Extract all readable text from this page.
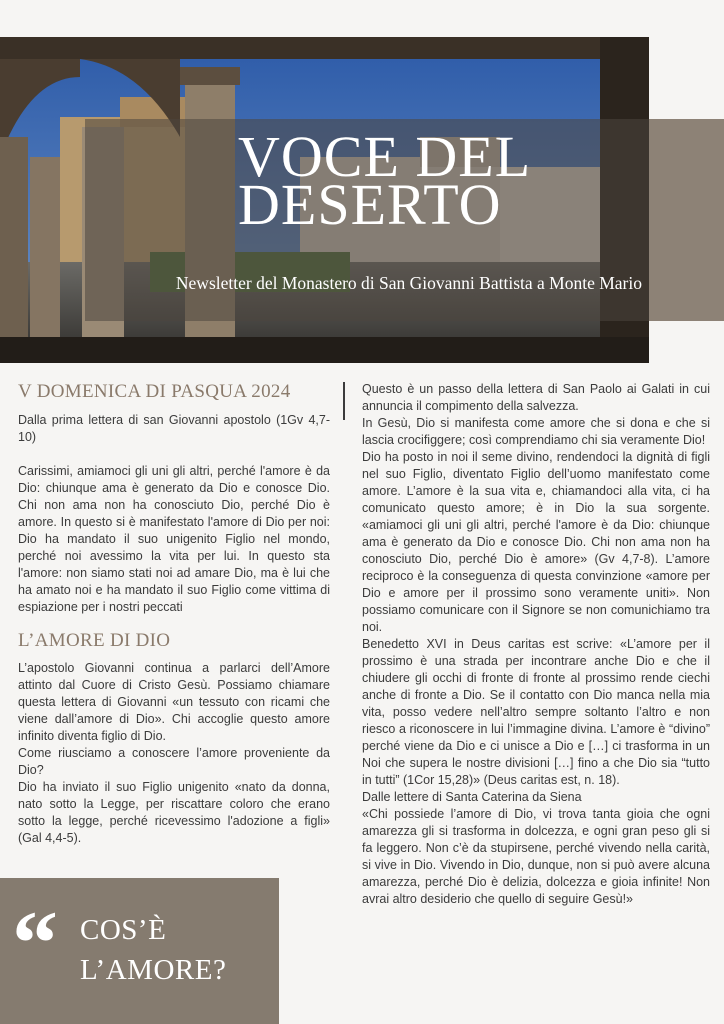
VOCE DEL
DESERTO
Newsletter del Monastero di San Giovanni Battista a Monte Mario
V DOMENICA DI PASQUA 2024

Dalla prima lettera di san Giovanni apostolo (1Gv 4,7-10)

Carissimi, amiamoci gli uni gli altri, perché l'amore è da Dio: chiunque ama è generato da Dio e conosce Dio. Chi non ama non ha conosciuto Dio, perché Dio è amore. In questo si è manifestato l'amore di Dio per noi: Dio ha mandato il suo unigenito Figlio nel mondo, perché noi avessimo la vita per lui. In questo sta l'amore: non siamo stati noi ad amare Dio, ma è lui che ha amato noi e ha mandato il suo Figlio come vittima di espiazione per i nostri peccati

L’AMORE DI DIO

L’apostolo Giovanni continua a parlarci dell’Amore attinto dal Cuore di Cristo Gesù. Possiamo chiamare questa lettera di Giovanni «un tessuto con ricami che viene dall’amore di Dio». Chi accoglie questo amore infinito diventa figlio di Dio.

Come riusciamo a conoscere l’amore proveniente da Dio?

Dio ha inviato il suo Figlio unigenito «nato da donna, nato sotto la Legge, per riscattare coloro che erano sotto la legge, perché ricevessimo l'adozione a figli» (Gal 4,4-5).

Questo è un passo della lettera di San Paolo ai Galati in cui annuncia il compimento della salvezza.

In Gesù, Dio si manifesta come amore che si dona e che si lascia crocifiggere; così comprendiamo chi sia veramente Dio!

Dio ha posto in noi il seme divino, rendendoci la dignità di figli nel suo Figlio, diventato Figlio dell’uomo manifestato come amore. L’amore è la sua vita e, chiamandoci alla vita, ci ha comunicato questo amore; è in Dio la sua sorgente. «amiamoci gli uni gli altri, perché l'amore è da Dio: chiunque ama è generato da Dio e conosce Dio. Chi non ama non ha conosciuto Dio, perché Dio è amore» (Gv 4,7-8). L’amore reciproco è la conseguenza di questa convinzione «amore per Dio e amore per il prossimo sono veramente uniti». Non possiamo comunicare con il Signore se non comunichiamo tra noi.

Benedetto XVI in Deus caritas est scrive: «L’amore per il prossimo è una strada per incontrare anche Dio e che il chiudere gli occhi di fronte di fronte al prossimo rende ciechi anche di fronte a Dio. Se il contatto con Dio manca nella mia vita, posso vedere nell’altro sempre soltanto l’altro e non riesco a riconoscere in lui l’immagine divina. L’amore è “divino” perché viene da Dio e ci unisce a Dio e […] ci trasforma in un Noi che supera le nostre divisioni […] fino a che Dio sia “tutto in tutti” (1Cor 15,28)» (Deus caritas est, n. 18).

Dalle lettere di Santa Caterina da Siena

«Chi possiede l’amore di Dio, vi trova tanta gioia che ogni amarezza gli si trasforma in dolcezza, e ogni gran peso gli si fa leggero. Non c’è da stupirsene, perché vivendo nella carità, si vive in Dio. Vivendo in Dio, dunque, non si può avere alcuna amarezza, perché Dio è delizia, dolcezza e gioia infinite! Non avrai altro desiderio che quello di seguire Gesù!»

“ COS’È
L’AMORE?
